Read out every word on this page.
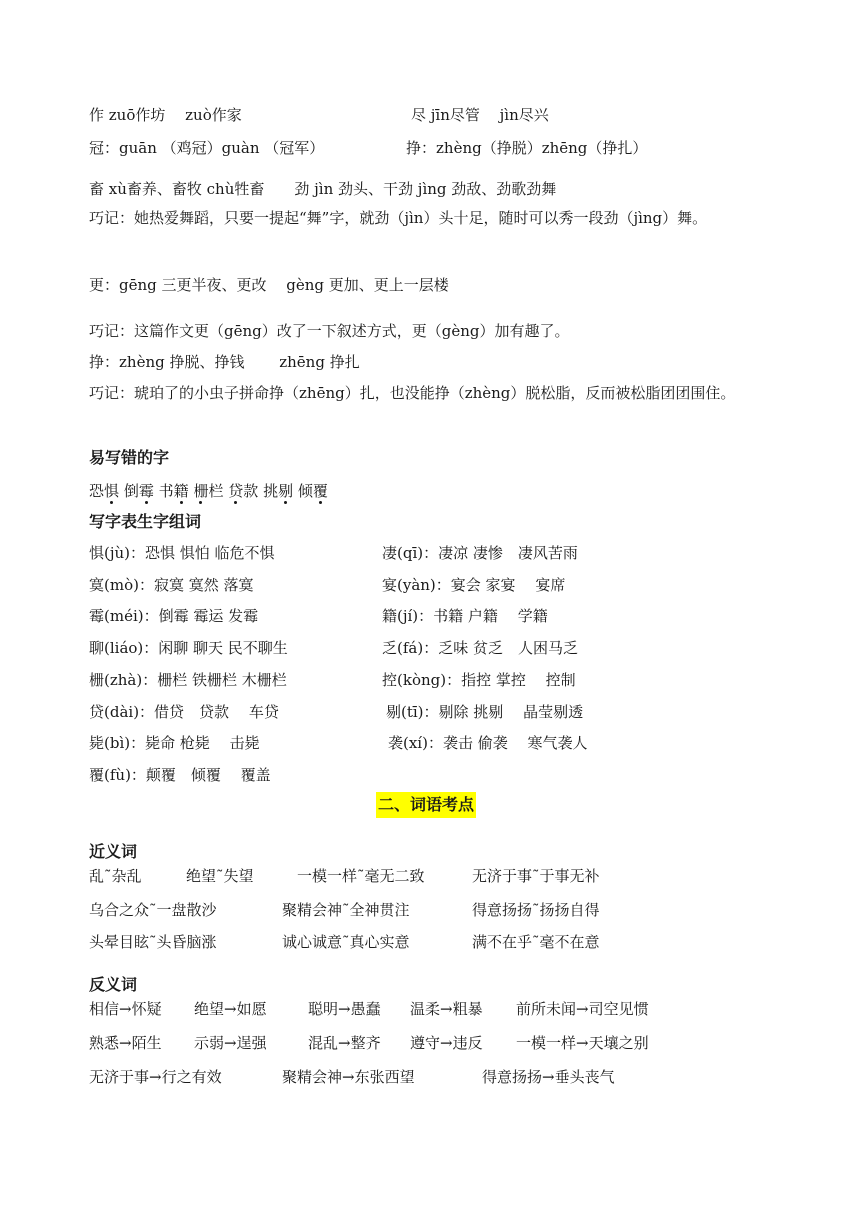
作 zuō作坊　 zuò作家	尽 jīn尽管　 jìn尽兴
冠：guān （鸡冠）guàn （冠军）	挣：zhèng（挣脱）zhēng（挣扎）
畜 xù畜养、畜牧 chù牲畜　　劲 jìn 劲头、干劲 jìng 劲敌、劲歌劲舞
巧记：她热爱舞蹈，只要一提起“舞”字，就劲（jìn）头十足，随时可以秀一段劲（jìng）舞。
更：gēng 三更半夜、更改　 gèng 更加、更上一层楼
巧记：这篇作文更（gēng）改了一下叙述方式，更（gèng）加有趣了。
挣：zhèng 挣脱、挣钱　　 zhēng 挣扎
巧记：琥珀了的小虫子拼命挣（zhēng）扎，也没能挣（zhèng）脱松脂，反而被松脂团团围住。
易写错的字
恐惧 倒霉 书籍 栅栏 贷款 挑剔 倾覆
写字表生字组词
惧(jù)：恐惧 惧怕 临危不惧	凄(qī)：凄凉 凄惨　凄风苦雨
寞(mò)：寂寞 寞然 落寞	宴(yàn)：宴会 家宴　 宴席
霉(méi)：倒霉 霉运 发霉	籍(jí)：书籍 户籍　 学籍
聊(liáo)：闲聊 聊天 民不聊生	乏(fá)：乏味 贫乏　人困马乏
栅(zhà)：栅栏 铁栅栏 木栅栏	控(kòng)：指控 掌控　 控制
贷(dài)：借贷　贷款　 车贷	剔(tī)：剔除 挑剔　 晶莹剔透
毙(bì)：毙命 枪毙　 击毙	袭(xí)：袭击 偷袭　 寒气袭人
覆(fù)：颠覆　倾覆　 覆盖
二、词语考点
近义词
乱˜杂乱	绝望˜失望	一模一样˜毫无二致	无济于事˜于事无补
乌合之众˜一盘散沙	聚精会神˜全神贯注	得意扬扬˜扬扬自得
头晕目眩˜头昏脑涨	诚心诚意˜真心实意	满不在乎˜毫不在意
反义词
相信→怀疑 绝望→如愿	聪明→愚蠢 温柔→粗暴 前所未闻→司空见惯
熟悉→陌生 示弱→逞强	混乱→整齐 遵守→违反 一模一样→天壤之别
无济于事→行之有效	聚精会神→东张西望	得意扬扬→垂头丧气
